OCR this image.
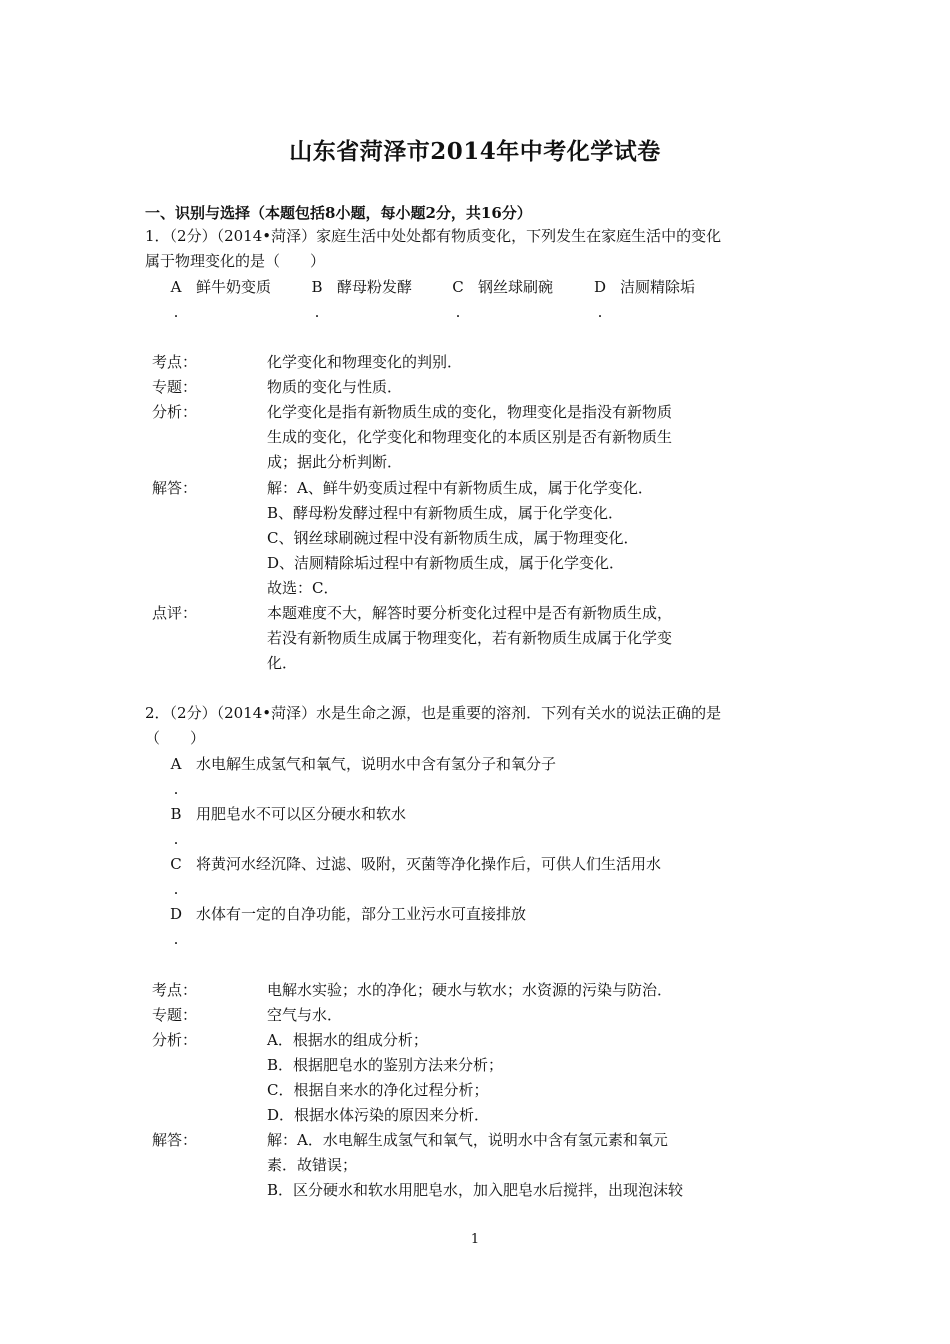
山东省菏泽市2014年中考化学试卷
一、识别与选择（本题包括8小题，每小题2分，共16分）
1．（2分）（2014•菏泽）家庭生活中处处都有物质变化，下列发生在家庭生活中的变化
属于物理变化的是（　　）
A 鲜牛奶变质
.
B 酵母粉发酵
.
C 钢丝球刷碗
.
D 洁厕精除垢
.
考点：	化学变化和物理变化的判别．
专题：	物质的变化与性质．
分析：	化学变化是指有新物质生成的变化，物理变化是指没有新物质
生成的变化，化学变化和物理变化的本质区别是否有新物质生
成；据此分析判断．
解答：	解：A、鲜牛奶变质过程中有新物质生成，属于化学变化．
B、酵母粉发酵过程中有新物质生成，属于化学变化．
C、钢丝球刷碗过程中没有新物质生成，属于物理变化．
D、洁厕精除垢过程中有新物质生成，属于化学变化．
故选：C．
点评：	本题难度不大，解答时要分析变化过程中是否有新物质生成，
若没有新物质生成属于物理变化，若有新物质生成属于化学变
化．
2．（2分）（2014•菏泽）水是生命之源，也是重要的溶剂．下列有关水的说法正确的是
（　　）
A 水电解生成氢气和氧气，说明水中含有氢分子和氧分子
.
B 用肥皂水不可以区分硬水和软水
.
C 将黄河水经沉降、过滤、吸附，灭菌等净化操作后，可供人们生活用水
.
D 水体有一定的自净功能，部分工业污水可直接排放
.
考点：	电解水实验；水的净化；硬水与软水；水资源的污染与防治．
专题：	空气与水．
分析：	A．根据水的组成分析；
B．根据肥皂水的鉴别方法来分析；
C．根据自来水的净化过程分析；
D．根据水体污染的原因来分析．
解答：	解：A．水电解生成氢气和氧气，说明水中含有氢元素和氧元
素．故错误；
B．区分硬水和软水用肥皂水，加入肥皂水后搅拌，出现泡沫较
1
